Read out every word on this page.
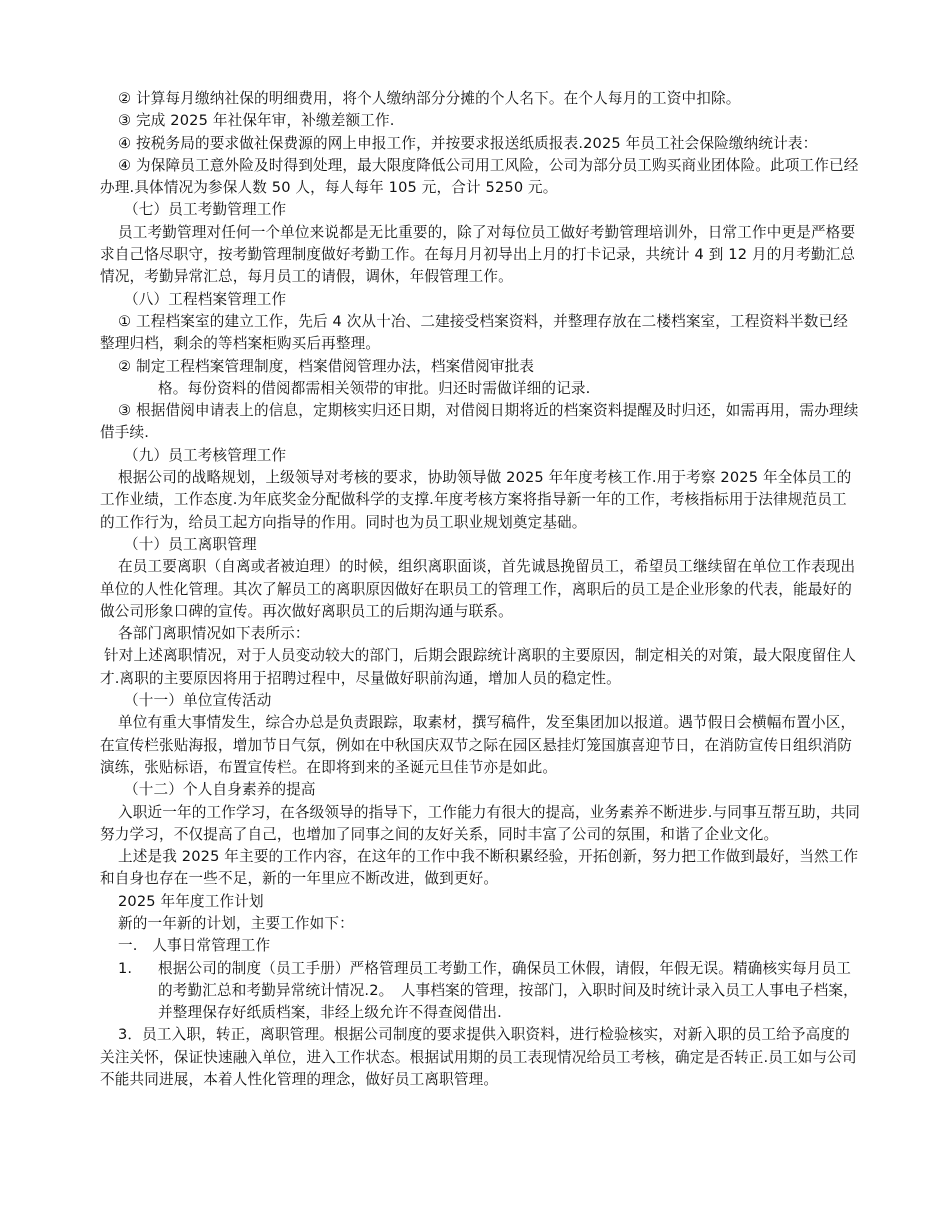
② 计算每月缴纳社保的明细费用，将个人缴纳部分分摊的个人名下。在个人每月的工资中扣除。

③ 完成 2025 年社保年审，补缴差额工作.

④ 按税务局的要求做社保费源的网上申报工作，并按要求报送纸质报表.2025 年员工社会保险缴纳统计表：

④ 为保障员工意外险及时得到处理，最大限度降低公司用工风险，公司为部分员工购买商业团体险。此项工作已经办理.具体情况为参保人数 50 人，每人每年 105 元，合计 5250 元。

（七）员工考勤管理工作

员工考勤管理对任何一个单位来说都是无比重要的，除了对每位员工做好考勤管理培训外，日常工作中更是严格要求自己恪尽职守，按考勤管理制度做好考勤工作。在每月月初导出上月的打卡记录，共统计 4 到 12 月的月考勤汇总情况，考勤异常汇总，每月员工的请假，调休，年假管理工作。

（八）工程档案管理工作

① 工程档案室的建立工作，先后 4 次从十冶、二建接受档案资料，并整理存放在二楼档案室，工程资料半数已经整理归档，剩余的等档案柜购买后再整理。

② 制定工程档案管理制度，档案借阅管理办法，档案借阅审批表

格。每份资料的借阅都需相关领带的审批。归还时需做详细的记录.

③ 根据借阅申请表上的信息，定期核实归还日期，对借阅日期将近的档案资料提醒及时归还，如需再用，需办理续借手续.

（九）员工考核管理工作

根据公司的战略规划，上级领导对考核的要求，协助领导做 2025 年年度考核工作.用于考察 2025 年全体员工的工作业绩，工作态度.为年底奖金分配做科学的支撑.年度考核方案将指导新一年的工作，考核指标用于法律规范员工的工作行为，给员工起方向指导的作用。同时也为员工职业规划奠定基础。

（十）员工离职管理

在员工要离职（自离或者被迫理）的时候，组织离职面谈，首先诚恳挽留员工，希望员工继续留在单位工作表现出单位的人性化管理。其次了解员工的离职原因做好在职员工的管理工作，离职后的员工是企业形象的代表，能最好的做公司形象口碑的宣传。再次做好离职员工的后期沟通与联系。

各部门离职情况如下表所示：

针对上述离职情况，对于人员变动较大的部门，后期会跟踪统计离职的主要原因，制定相关的对策，最大限度留住人才.离职的主要原因将用于招聘过程中，尽量做好职前沟通，增加人员的稳定性。

（十一）单位宣传活动

单位有重大事情发生，综合办总是负责跟踪，取素材，撰写稿件，发至集团加以报道。遇节假日会横幅布置小区，在宣传栏张贴海报，增加节日气氛，例如在中秋国庆双节之际在园区悬挂灯笼国旗喜迎节日，在消防宣传日组织消防演练，张贴标语，布置宣传栏。在即将到来的圣诞元旦佳节亦是如此。

（十二）个人自身素养的提高

入职近一年的工作学习，在各级领导的指导下，工作能力有很大的提高，业务素养不断进步.与同事互帮互助，共同努力学习，不仅提高了自己，也增加了同事之间的友好关系，同时丰富了公司的氛围，和谐了企业文化。

上述是我 2025 年主要的工作内容，在这年的工作中我不断积累经验，开拓创新，努力把工作做到最好，当然工作和自身也存在一些不足，新的一年里应不断改进，做到更好。

2025 年年度工作计划

新的一年新的计划，主要工作如下：

一.　人事日常管理工作

1.	根据公司的制度（员工手册）严格管理员工考勤工作，确保员工休假，请假，年假无误。精确核实每月员工的考勤汇总和考勤异常统计情况.2。　人事档案的管理，按部门，入职时间及时统计录入员工人事电子档案，并整理保存好纸质档案，非经上级允许不得查阅借出.

3．员工入职，转正，离职管理。根据公司制度的要求提供入职资料，进行检验核实，对新入职的员工给予高度的关注关怀，保证快速融入单位，进入工作状态。根据试用期的员工表现情况给员工考核，确定是否转正.员工如与公司不能共同进展，本着人性化管理的理念，做好员工离职管理。
